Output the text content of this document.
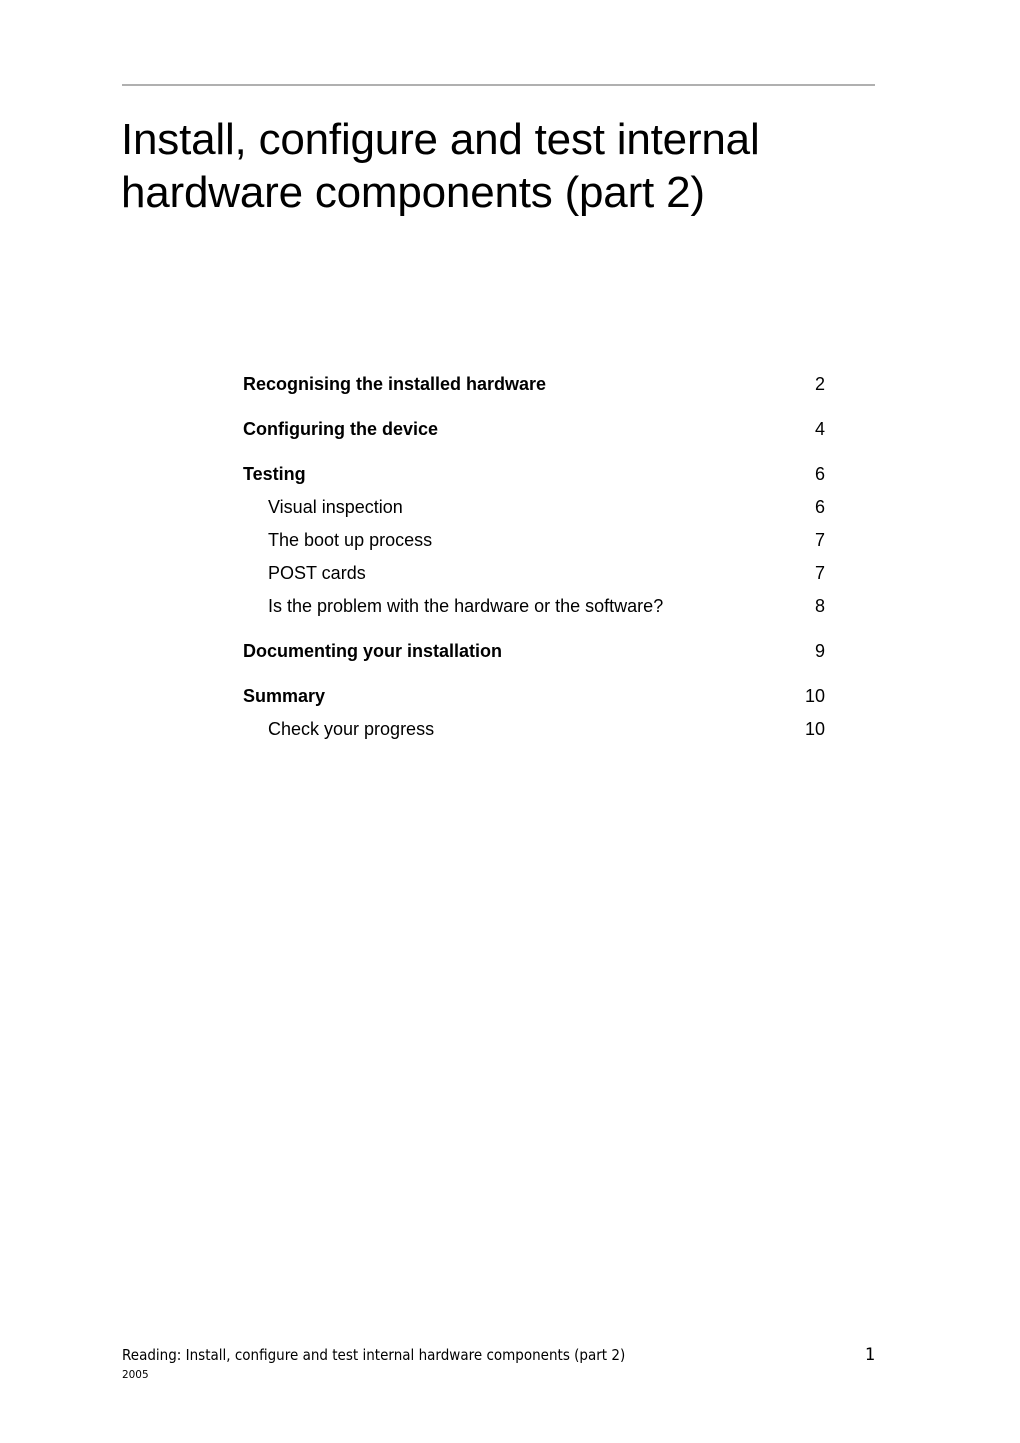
Install, configure and test internal hardware components (part 2)
Recognising the installed hardware	2
Configuring the device	4
Testing	6
Visual inspection	6
The boot up process	7
POST cards	7
Is the problem with the hardware or the software?	8
Documenting your installation	9
Summary	10
Check your progress	10
Reading: Install, configure and test internal hardware components (part 2)	1
2005
